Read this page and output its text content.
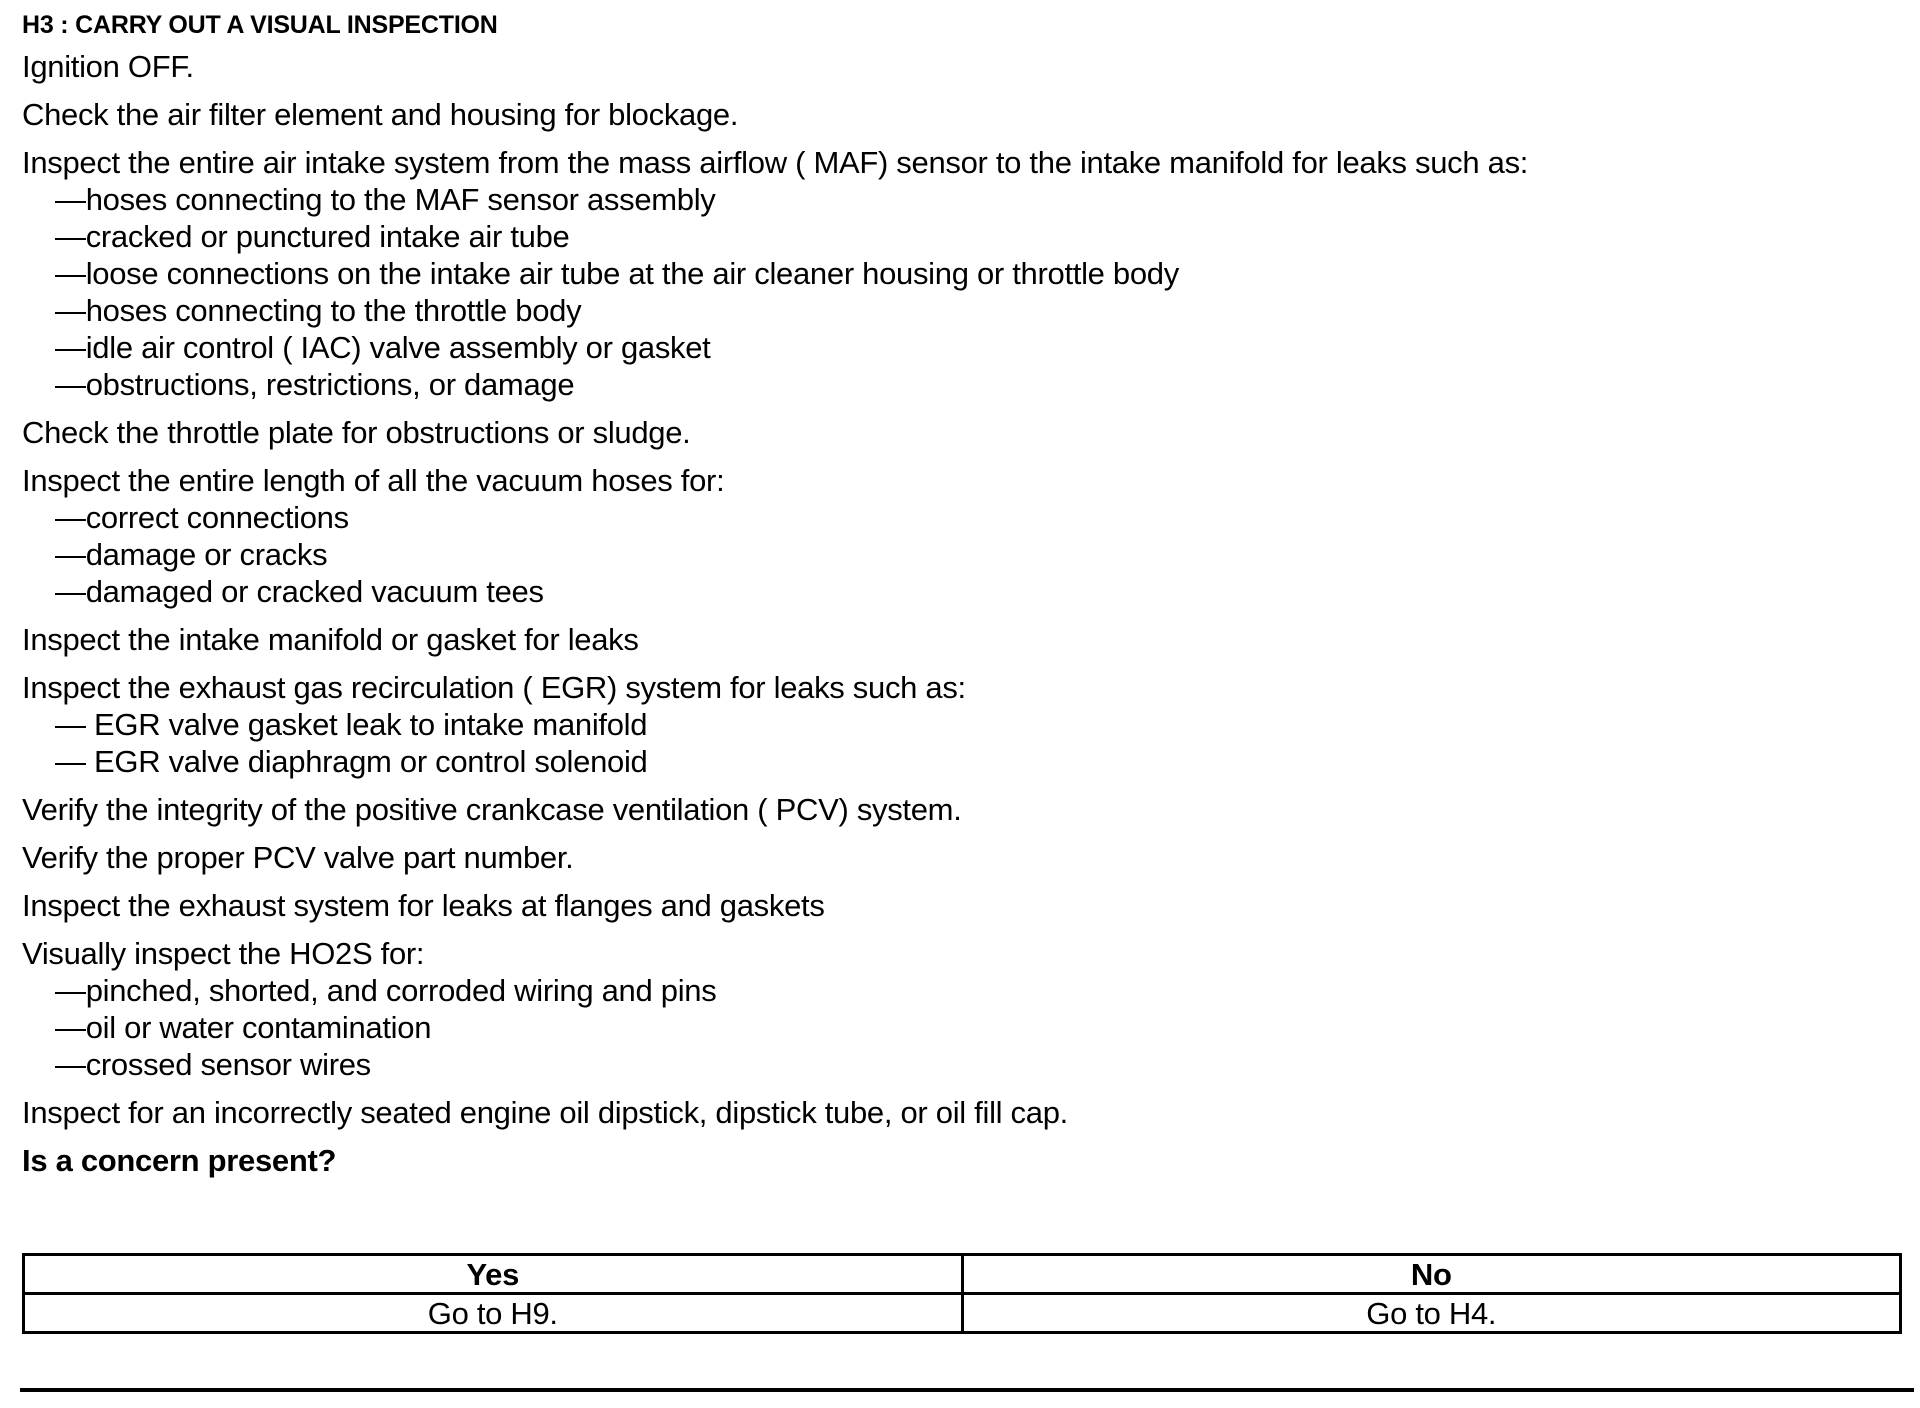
H3 : CARRY OUT A VISUAL INSPECTION
Ignition OFF.
Check the air filter element and housing for blockage.
Inspect the entire air intake system from the mass airflow ( MAF) sensor to the intake manifold for leaks such as:
—hoses connecting to the MAF sensor assembly
—cracked or punctured intake air tube
—loose connections on the intake air tube at the air cleaner housing or throttle body
—hoses connecting to the throttle body
—idle air control ( IAC) valve assembly or gasket
—obstructions, restrictions, or damage
Check the throttle plate for obstructions or sludge.
Inspect the entire length of all the vacuum hoses for:
—correct connections
—damage or cracks
—damaged or cracked vacuum tees
Inspect the intake manifold or gasket for leaks
Inspect the exhaust gas recirculation ( EGR) system for leaks such as:
— EGR valve gasket leak to intake manifold
— EGR valve diaphragm or control solenoid
Verify the integrity of the positive crankcase ventilation ( PCV) system.
Verify the proper PCV valve part number.
Inspect the exhaust system for leaks at flanges and gaskets
Visually inspect the HO2S for:
—pinched, shorted, and corroded wiring and pins
—oil or water contamination
—crossed sensor wires
Inspect for an incorrectly seated engine oil dipstick, dipstick tube, or oil fill cap.
Is a concern present?
Yes	No
Go to H9.	Go to H4.
